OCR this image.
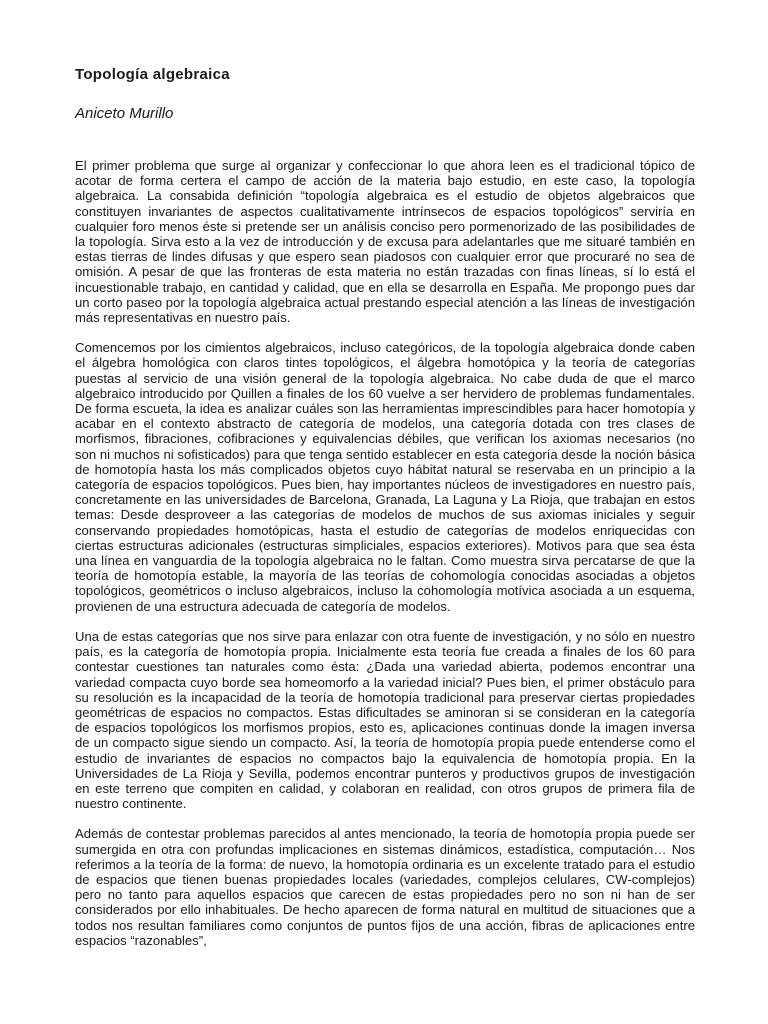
Topología algebraica
Aniceto Murillo

El primer problema que surge al organizar y confeccionar lo que ahora leen es el tradicional tópico de acotar de forma certera el campo de acción de la materia bajo estudio, en este caso, la topología algebraica. La consabida definición “topología algebraica es el estudio de objetos algebraicos que constituyen invariantes de aspectos cualitativamente intrínsecos de espacios topológicos” serviría en cualquier foro menos éste si pretende ser un análisis conciso pero pormenorizado de las posibilidades de la topología. Sirva esto a la vez de introducción y de excusa para adelantarles que me situaré también en estas tierras de lindes difusas y que espero sean piadosos con cualquier error que procuraré no sea de omisión. A pesar de que las fronteras de esta materia no están trazadas con finas líneas, sí lo está el incuestionable trabajo, en cantidad y calidad, que en ella se desarrolla en España. Me propongo pues dar un corto paseo por la topología algebraica actual prestando especial atención a las líneas de investigación más representativas en nuestro país.

Comencemos por los cimientos algebraicos, incluso categóricos, de la topología algebraica donde caben el álgebra homológica con claros tintes topológicos, el álgebra homotópica y la teoría de categorías puestas al servicio de una visión general de la topología algebraica. No cabe duda de que el marco algebraico introducido por Quillen a finales de los 60 vuelve a ser hervidero de problemas fundamentales. De forma escueta, la idea es analizar cuáles son las herramientas imprescindibles para hacer homotopía y acabar en el contexto abstracto de categoría de modelos, una categoría dotada con tres clases de morfismos, fibraciones, cofibraciones y equivalencias débiles, que verifican los axiomas necesarios (no son ni muchos ni sofisticados) para que tenga sentido establecer en esta categoría desde la noción básica de homotopía hasta los más complicados objetos cuyo hábitat natural se reservaba en un principio a la categoría de espacios topológicos. Pues bien, hay importantes núcleos de investigadores en nuestro país, concretamente en las universidades de Barcelona, Granada, La Laguna y La Rioja, que trabajan en estos temas: Desde desproveer a las categorías de modelos de muchos de sus axiomas iniciales y seguir conservando propiedades homotópicas, hasta el estudio de categorías de modelos enriquecidas con ciertas estructuras adicionales (estructuras simpliciales, espacios exteriores). Motivos para que sea ésta una línea en vanguardia de la topología algebraica no le faltan. Como muestra sirva percatarse de que la teoría de homotopía estable, la mayoría de las teorías de cohomología conocidas asociadas a objetos topológicos, geométricos o incluso algebraicos, incluso la cohomología motívica asociada a un esquema, provienen de una estructura adecuada de categoría de modelos.

Una de estas categorías que nos sirve para enlazar con otra fuente de investigación, y no sólo en nuestro país, es la categoría de homotopía propia. Inicialmente esta teoría fue creada a finales de los 60 para contestar cuestiones tan naturales como ésta: ¿Dada una variedad abierta, podemos encontrar una variedad compacta cuyo borde sea homeomorfo a la variedad inicial? Pues bien, el primer obstáculo para su resolución es la incapacidad de la teoría de homotopía tradicional para preservar ciertas propiedades geométricas de espacios no compactos. Estas dificultades se aminoran si se consideran en la categoría de espacios topológicos los morfismos propios, esto es, aplicaciones continuas donde la imagen inversa de un compacto sigue siendo un compacto. Así, la teoría de homotopía propia puede entenderse como el estudio de invariantes de espacios no compactos bajo la equivalencia de homotopía propia. En la Universidades de La Rioja y Sevilla, podemos encontrar punteros y productivos grupos de investigación en este terreno que compiten en calidad, y colaboran en realidad, con otros grupos de primera fila de nuestro continente.

Además de contestar problemas parecidos al antes mencionado, la teoría de homotopía propia puede ser sumergida en otra con profundas implicaciones en sistemas dinámicos, estadística, computación… Nos referimos a la teoría de la forma: de nuevo, la homotopía ordinaria es un excelente tratado para el estudio de espacios que tienen buenas propiedades locales (variedades, complejos celulares, CW-complejos) pero no tanto para aquellos espacios que carecen de estas propiedades pero no son ni han de ser considerados por ello inhabituales. De hecho aparecen de forma natural en multitud de situaciones que a todos nos resultan familiares como conjuntos de puntos fijos de una acción, fibras de aplicaciones entre espacios “razonables”,
